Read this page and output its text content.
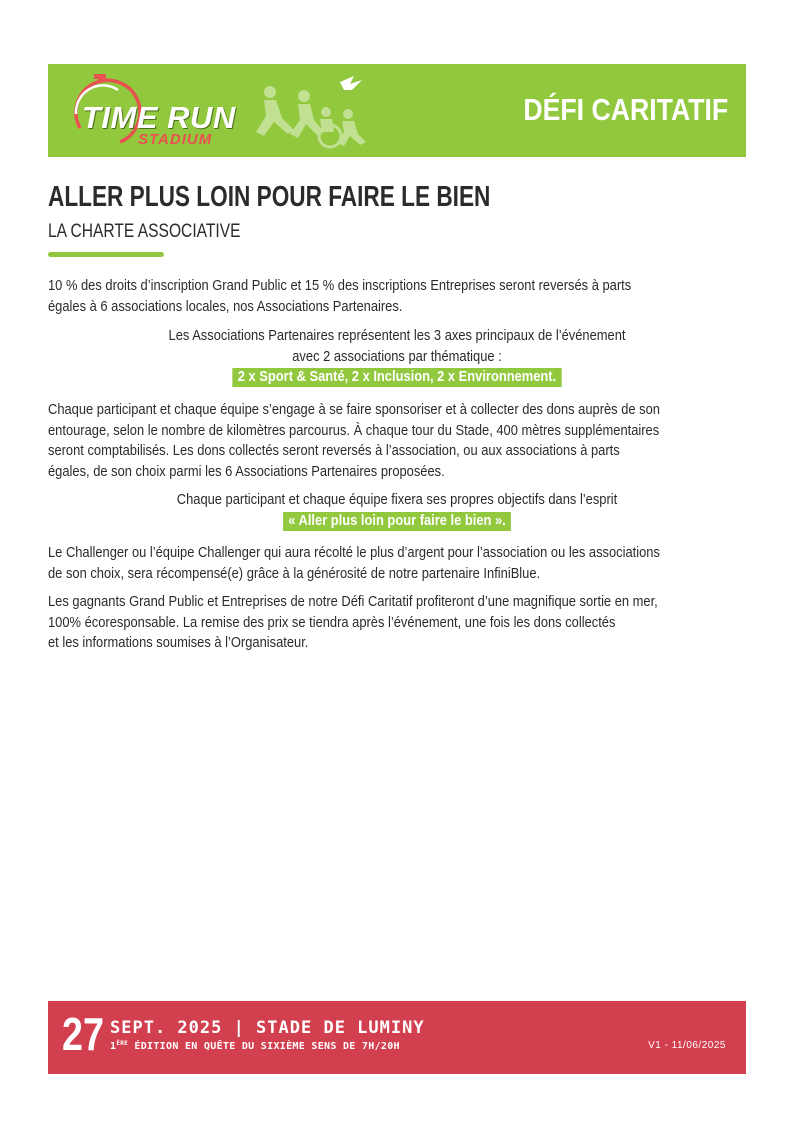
TIME RUN
STADIUM
DÉFI CARITATIF
ALLER PLUS LOIN POUR FAIRE LE BIEN
LA CHARTE ASSOCIATIVE
10 % des droits d’inscription Grand Public et 15 % des inscriptions Entreprises seront reversés à parts
égales à 6 associations locales, nos Associations Partenaires.
Les Associations Partenaires représentent les 3 axes principaux de l’événement
avec 2 associations par thématique :
2 x Sport & Santé, 2 x Inclusion, 2 x Environnement.
Chaque participant et chaque équipe s’engage à se faire sponsoriser et à collecter des dons auprès de son
entourage, selon le nombre de kilomètres parcourus. À chaque tour du Stade, 400 mètres supplémentaires
seront comptabilisés. Les dons collectés seront reversés à l’association, ou aux associations à parts
égales, de son choix parmi les 6 Associations Partenaires proposées.
Chaque participant et chaque équipe fixera ses propres objectifs dans l’esprit
« Aller plus loin pour faire le bien ».
Le Challenger ou l’équipe Challenger qui aura récolté le plus d’argent pour l’association ou les associations
de son choix, sera récompensé(e) grâce à la générosité de notre partenaire InfiniBlue.
Les gagnants Grand Public et Entreprises de notre Défi Caritatif profiteront d’une magnifique sortie en mer,
100% écoresponsable. La remise des prix se tiendra après l’événement, une fois les dons collectés
et les informations soumises à l’Organisateur.
27 SEPT. 2025 | STADE DE LUMINY
1ÈRE ÉDITION EN QUÊTE DU SIXIÈME SENS DE 7H/20H	V1 - 11/06/2025
